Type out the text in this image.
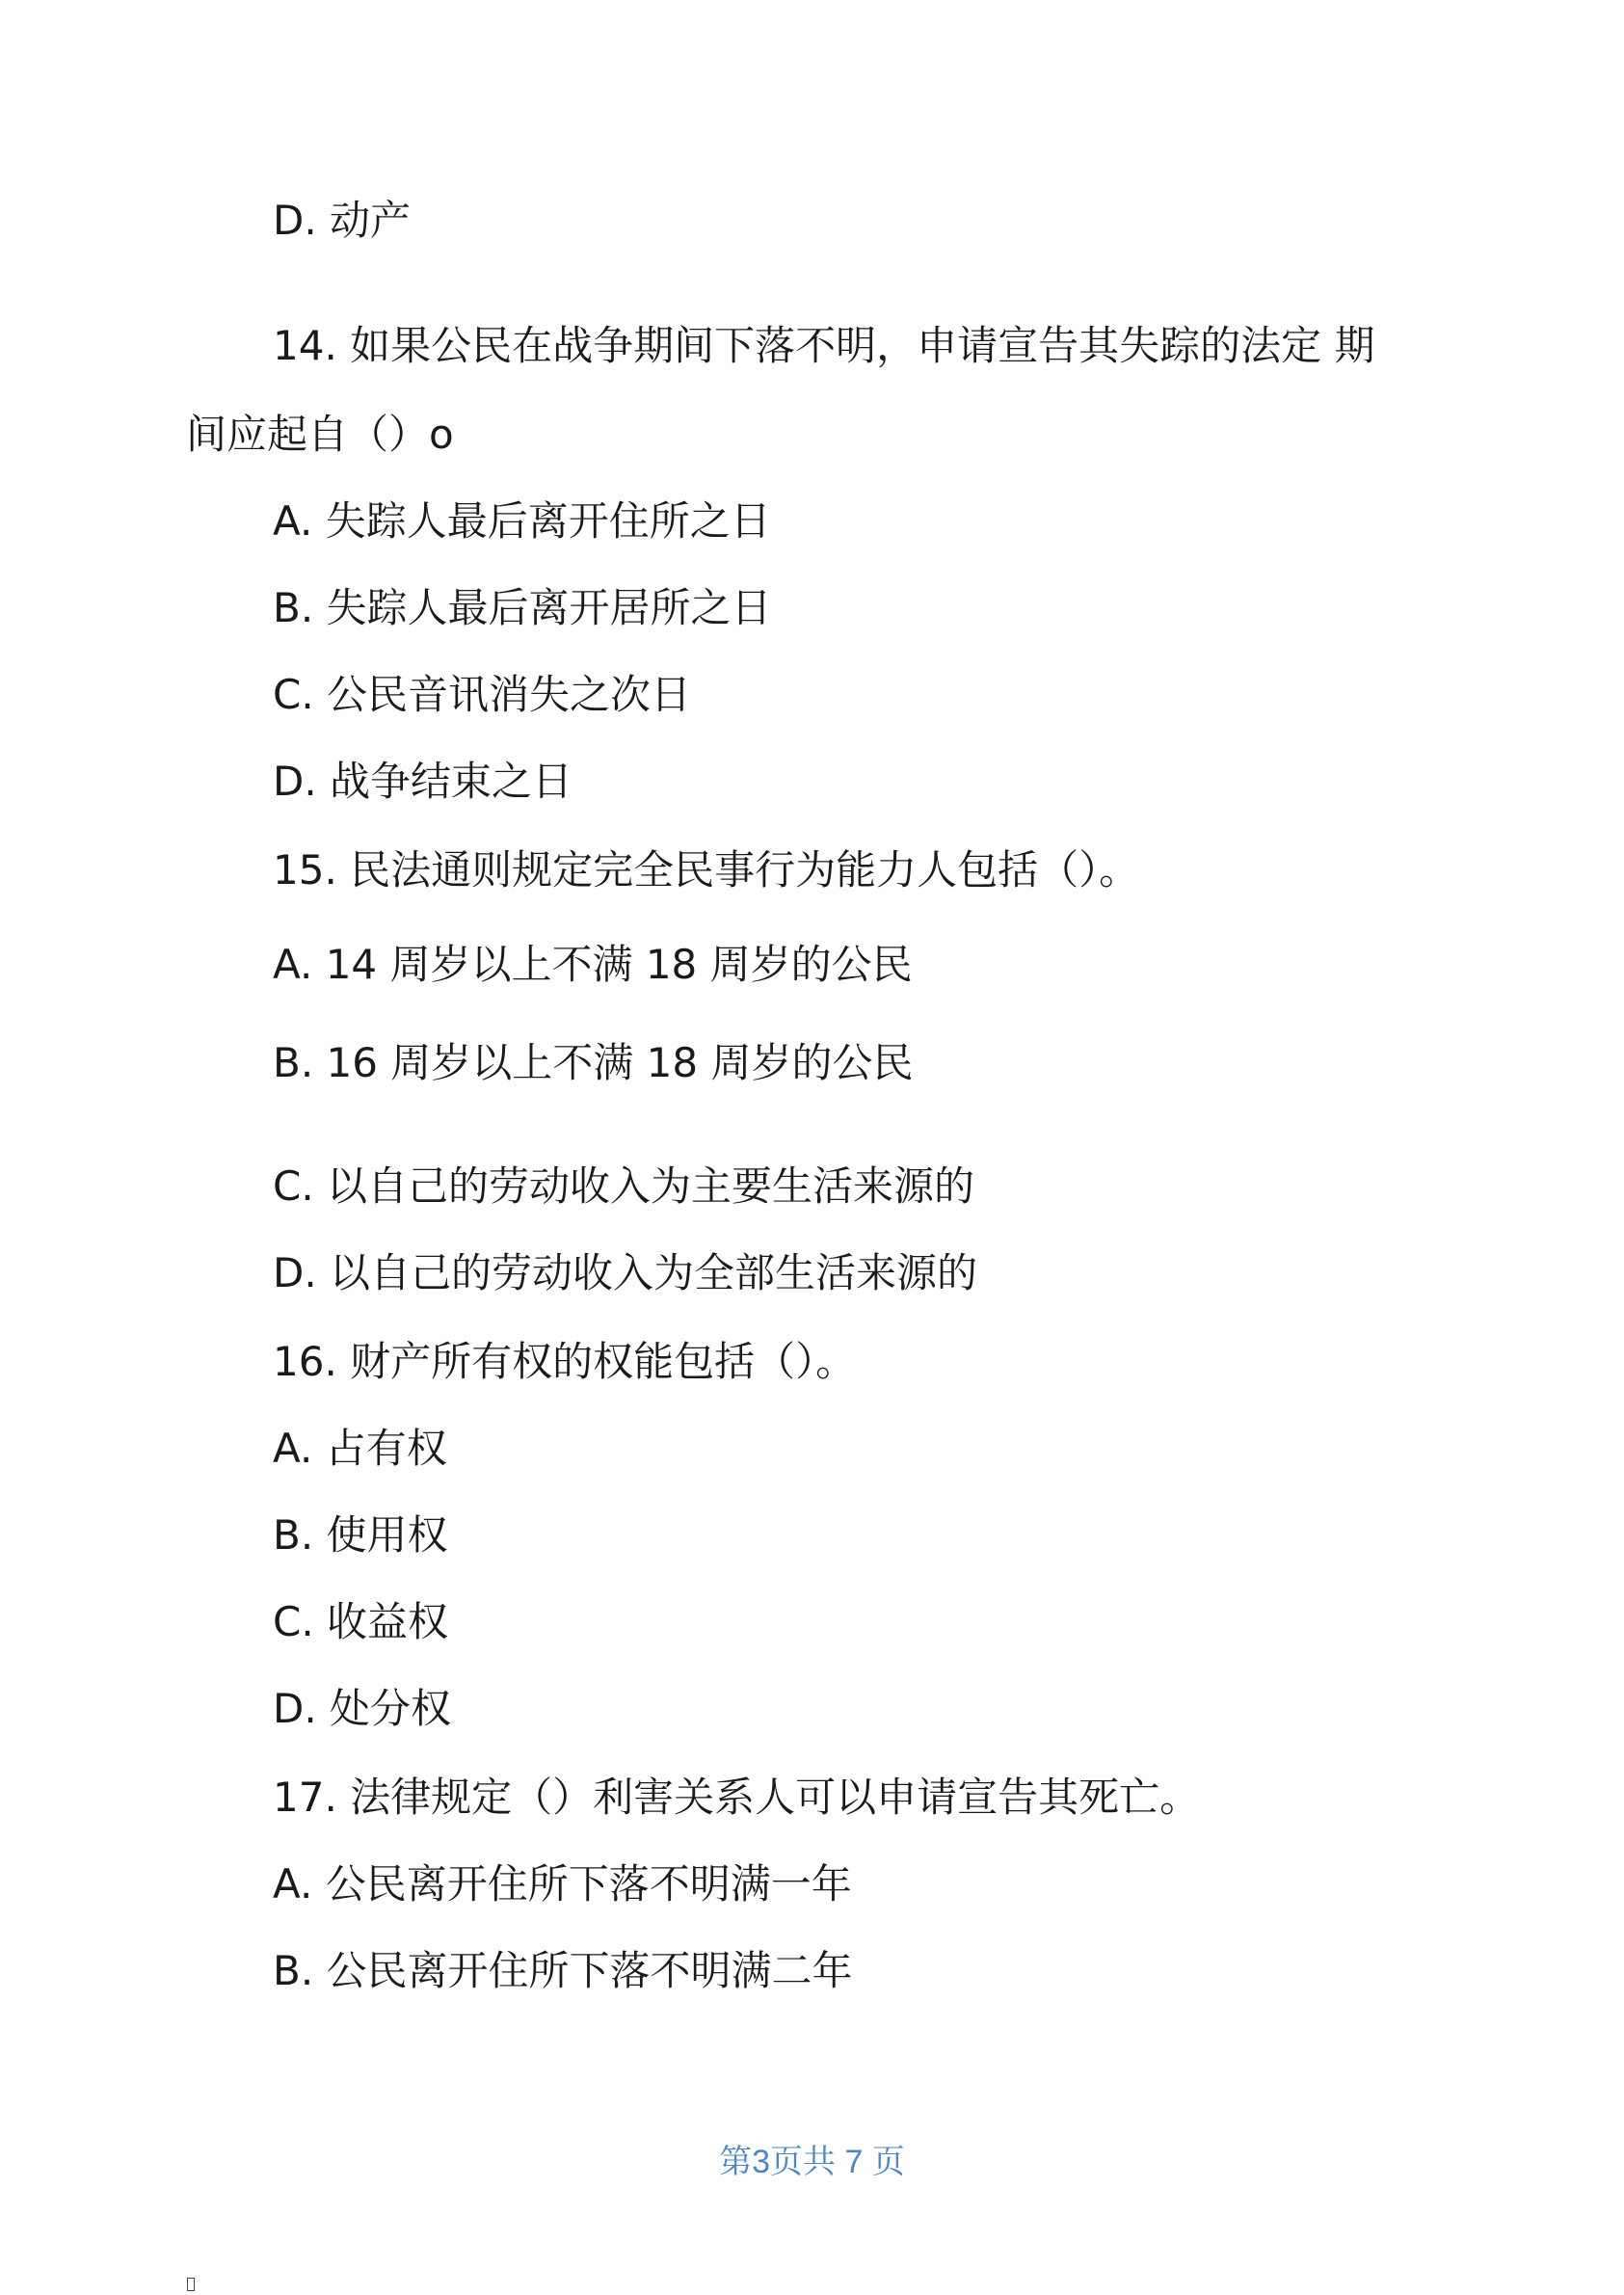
D. 动产
14. 如果公民在战争期间下落不明，申请宣告其失踪的法定 期
间应起自（）o
A. 失踪人最后离开住所之日
B. 失踪人最后离开居所之日
C. 公民音讯消失之次日
D. 战争结束之日
15. 民法通则规定完全民事行为能力人包括（）。
A. 14 周岁以上不满 18 周岁的公民
B. 16 周岁以上不满 18 周岁的公民
C. 以自己的劳动收入为主要生活来源的
D. 以自己的劳动收入为全部生活来源的
16. 财产所有权的权能包括（）。
A. 占有权
B. 使用权
C. 收益权
D. 处分权
17. 法律规定（）利害关系人可以申请宣告其死亡。
A. 公民离开住所下落不明满一年
B. 公民离开住所下落不明满二年
第3页共 7 页
